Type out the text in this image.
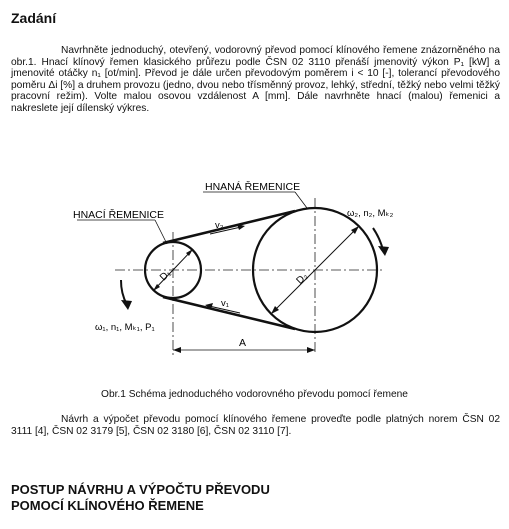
Zadání

Navrhněte jednoduchý, otevřený, vodorovný převod pomocí klínového řemene znázorněného na obr.1. Hnací klínový řemen klasického průřezu podle ČSN 02 3110 přenáší jmenovitý výkon P₁ [kW] a jmenovité otáčky n₁ [ot/min]. Převod je dále určen převodovým poměrem i < 10 [-], tolerancí převodového poměru Δi [%] a druhem provozu (jedno, dvou nebo třísměnný provoz, lehký, střední, těžký nebo velmi těžký pracovní režim). Volte malou osovou vzdálenost A [mm]. Dále navrhněte hnací (malou) řemenici a nakreslete její dílenský výkres.

HNACÍ ŘEMENICE
HNANÁ ŘEMENICE
v₂
v₁
D₁	D₂
ω₂, n₂, Mₖ₂
ω₁, n₁, Mₖ₁, P₁
A
Obr.1 Schéma jednoduchého vodorovného převodu pomocí řemene

Návrh a výpočet převodu pomocí klínového řemene proveďte podle platných norem ČSN 02 3111 [4], ČSN 02 3179 [5], ČSN 02 3180 [6], ČSN 02 3110 [7].

POSTUP NÁVRHU A VÝPOČTU PŘEVODU
POMOCÍ KLÍNOVÉHO ŘEMENE
